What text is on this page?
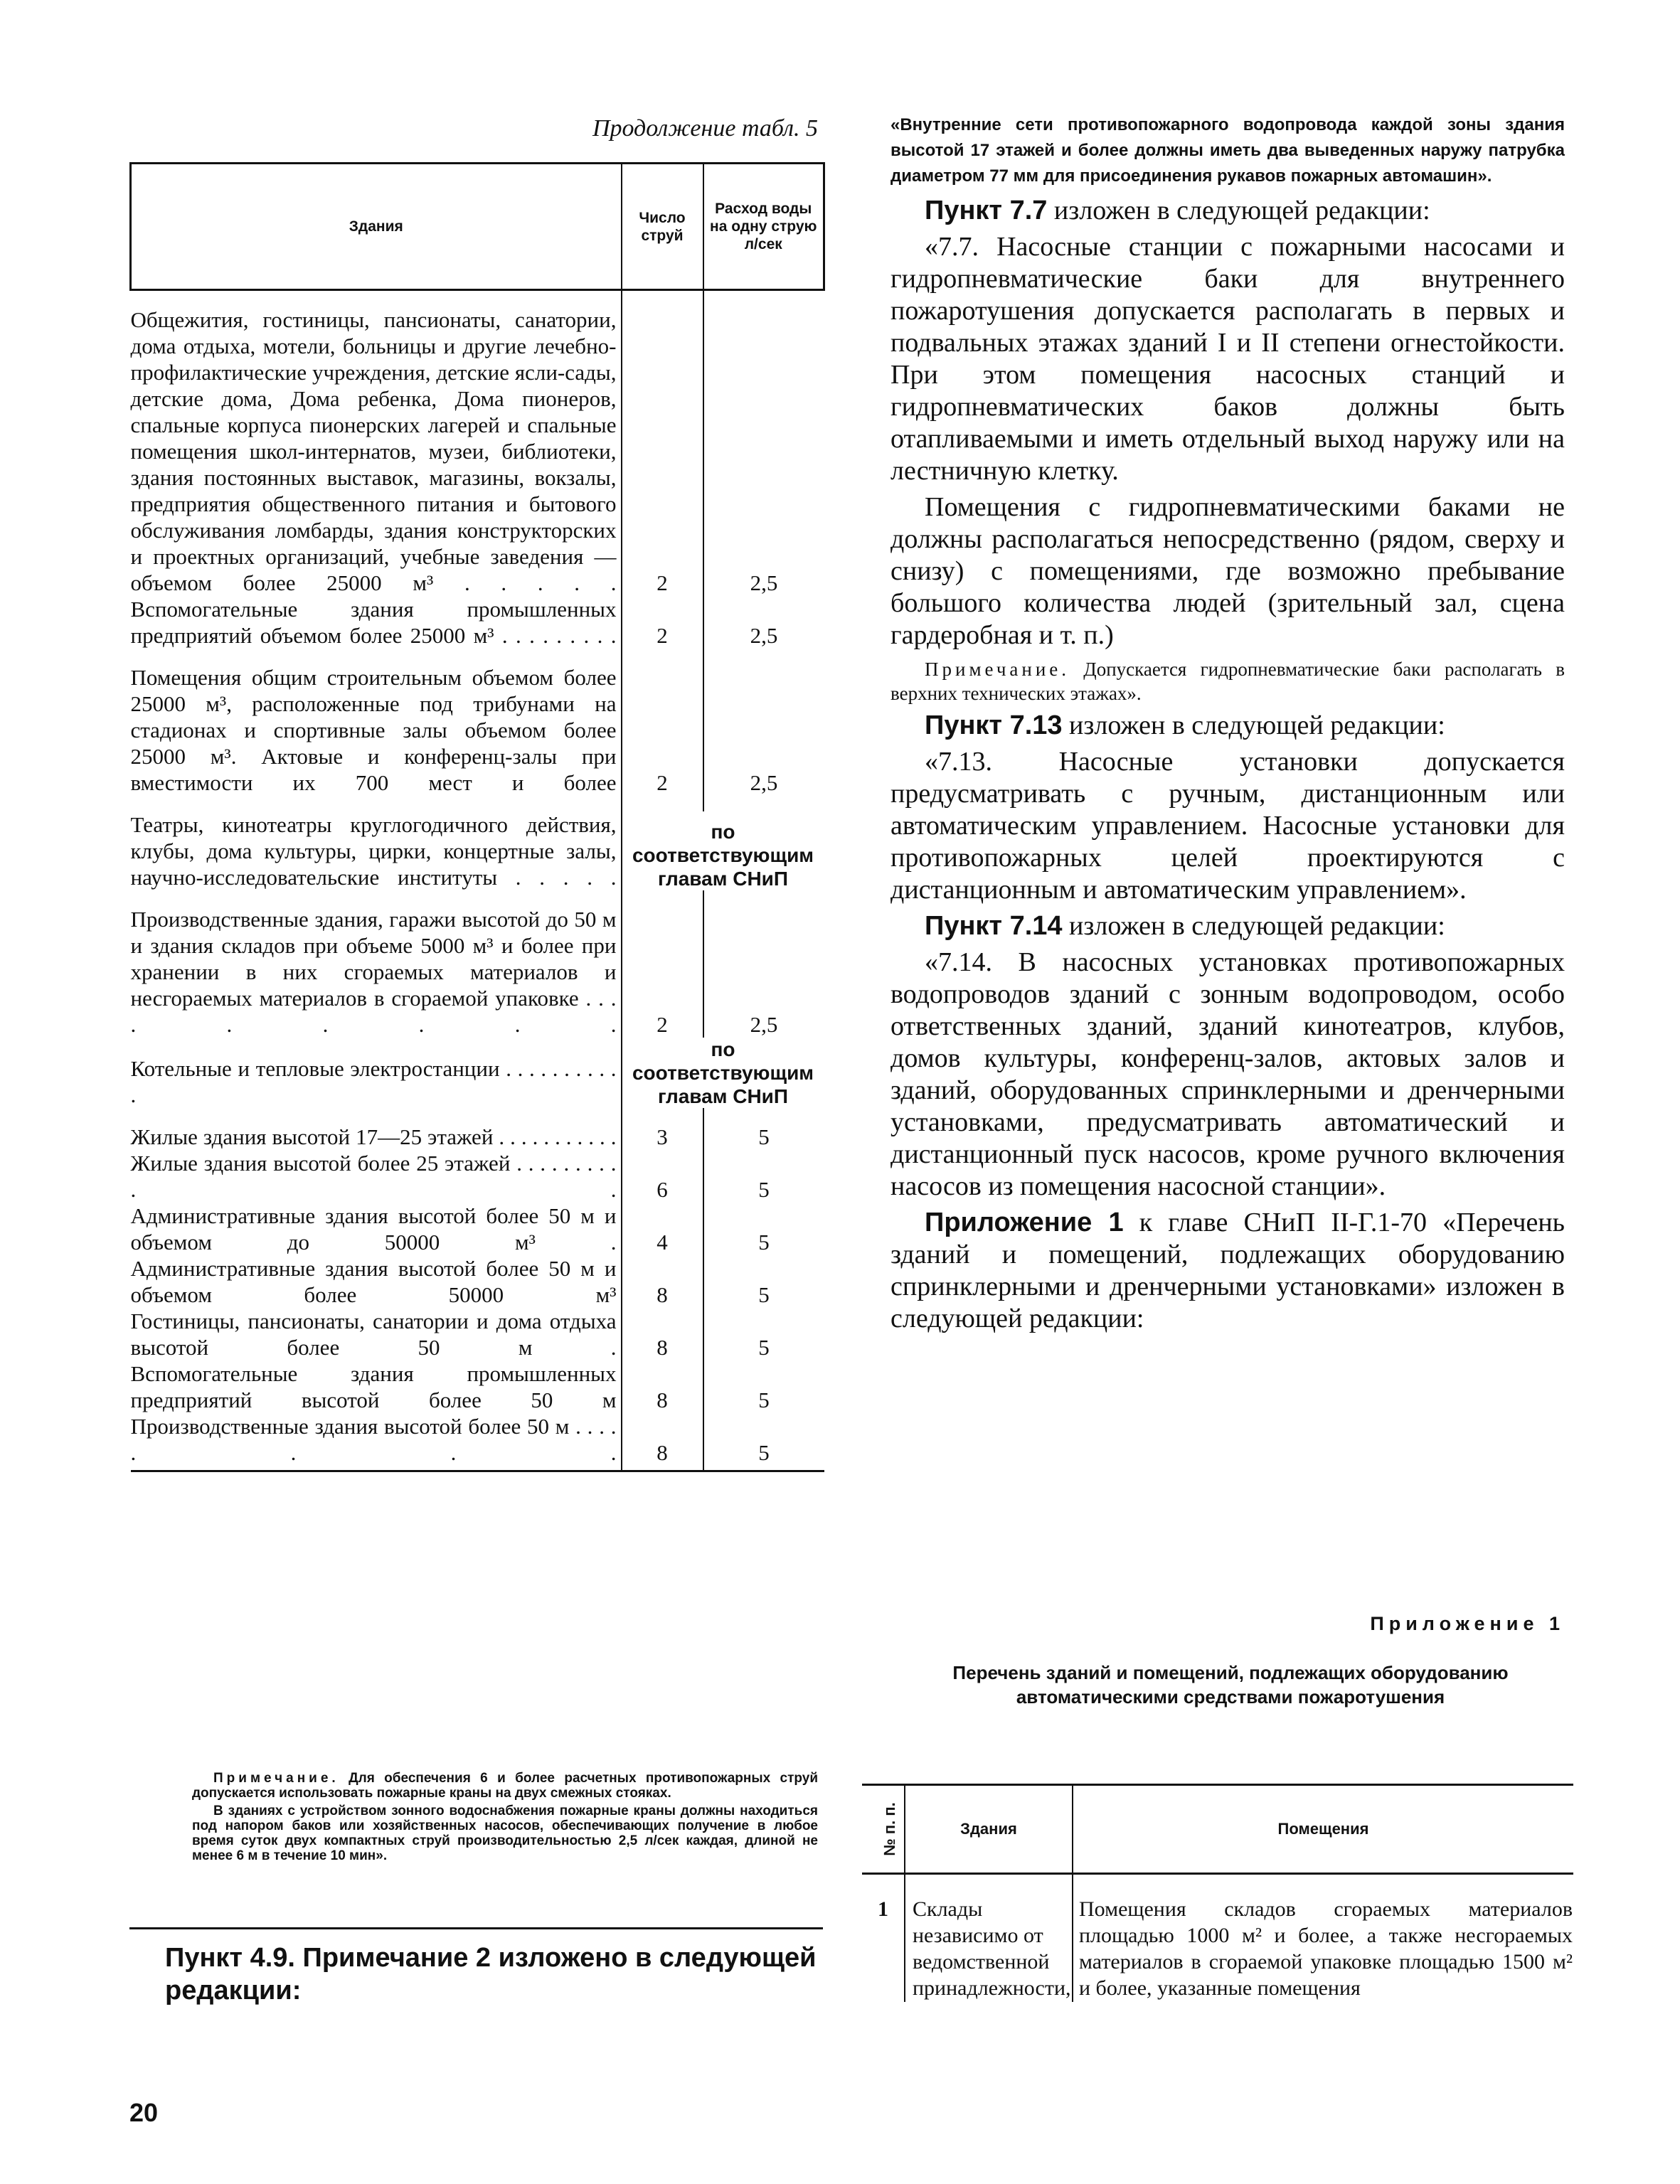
Продолжение табл. 5
Здания	Число струй	Расход воды на одну струю л/сек

Общежития, гостиницы, пансионаты, санатории, дома отдыха, мотели, больницы и другие лечебно-профилактические учреждения, детские ясли-сады, детские дома, Дома ребенка, Дома пионеров, спальные корпуса пионерских лагерей и спальные помещения школ-интернатов, музеи, библиотеки, здания постоянных выставок, магазины, вокзалы, предприятия общественного питания и бытового обслуживания ломбарды, здания конструкторских и проектных организаций, учебные заведения — объемом более 25000 м³ . . . . .	2	2,5
Вспомогательные здания промышленных предприятий объемом более 25000 м³ . . . . . . . . .	2	2,5

Помещения общим строительным объемом более 25000 м³, расположенные под трибунами на стадионах и спортивные залы объемом более 25000 м³. Актовые и конференц-залы при вместимости их 700 мест и более	2	2,5

Театры, кинотеатры круглогодичного действия, клубы, дома культуры, цирки, концертные залы, научно-исследовательские институты . . . . .	по соответствующим главам СНиП	

Производственные здания, гаражи высотой до 50 м и здания складов при объеме 5000 м³ и более при хранении в них сгораемых материалов и несгораемых материалов в сгораемой упаковке . . . . . . . . .	2	2,5
Котельные и тепловые электростанции . . . . . . . . . . .	по соответствующим главам СНиП	

Жилые здания высотой 17—25 этажей . . . . . . . . . . .	3	5
Жилые здания высотой более 25 этажей . . . . . . . . . . .	6	5
Административные здания высотой более 50 м и объемом до 50000 м³ .	4	5
Административные здания высотой более 50 м и объемом более 50000 м³	8	5
Гостиницы, пансионаты, санатории и дома отдыха высотой более 50 м .	8	5
Вспомогательные здания промышленных предприятий высотой более 50 м	8	5
Производственные здания высотой более 50 м . . . . . . . .	8	5

Примечание. Для обеспечения 6 и более расчетных противопожарных струй допускается использовать пожарные краны на двух смежных стояках.

В зданиях с устройством зонного водоснабжения пожарные краны должны находиться под напором баков или хозяйственных насосов, обеспечивающих получение в любое время суток двух компактных струй производительностью 2,5 л/сек каждая, длиной не менее 6 м в течение 10 мин».

Пункт 4.9. Примечание 2 изложено в следующей редакции:
20

«Внутренние сети противопожарного водопровода каждой зоны здания высотой 17 этажей и более должны иметь два выведенных наружу патрубка диаметром 77 мм для присоединения рукавов пожарных автомашин».

Пункт 7.7 изложен в следующей редакции:

«7.7. Насосные станции с пожарными насосами и гидропневматические баки для внутреннего пожаротушения допускается располагать в первых и подвальных этажах зданий I и II степени огнестойкости. При этом помещения насосных станций и гидропневматических баков должны быть отапливаемыми и иметь отдельный выход наружу или на лестничную клетку.

Помещения с гидропневматическими баками не должны располагаться непосредственно (рядом, сверху и снизу) с помещениями, где возможно пребывание большого количества людей (зрительный зал, сцена гардеробная и т. п.)

Примечание. Допускается гидропневматические баки располагать в верхних технических этажах».

Пункт 7.13 изложен в следующей редакции:

«7.13. Насосные установки допускается предусматривать с ручным, дистанционным или автоматическим управлением. Насосные установки для противопожарных целей проектируются с дистанционным и автоматическим управлением».

Пункт 7.14 изложен в следующей редакции:

«7.14. В насосных установках противопожарных водопроводов зданий с зонным водопроводом, особо ответственных зданий, зданий кинотеатров, клубов, домов культуры, конференц-залов, актовых залов и зданий, оборудованных спринклерными и дренчерными установками, предусматривать автоматический и дистанционный пуск насосов, кроме ручного включения насосов из помещения насосной станции».

Приложение 1 к главе СНиП II-Г.1-70 «Перечень зданий и помещений, подлежащих оборудованию спринклерными и дренчерными установками» изложен в следующей редакции:

Приложение 1
Перечень зданий и помещений, подлежащих оборудованию автоматическими средствами пожаротушения
№ п. п.	Здания	Помещения
1	Склады независимо от ведомственной принадлежности,	Помещения складов сгораемых материалов площадью 1000 м² и более, а также несгораемых материалов в сгораемой упаковке площадью 1500 м² и более, указанные помещения
